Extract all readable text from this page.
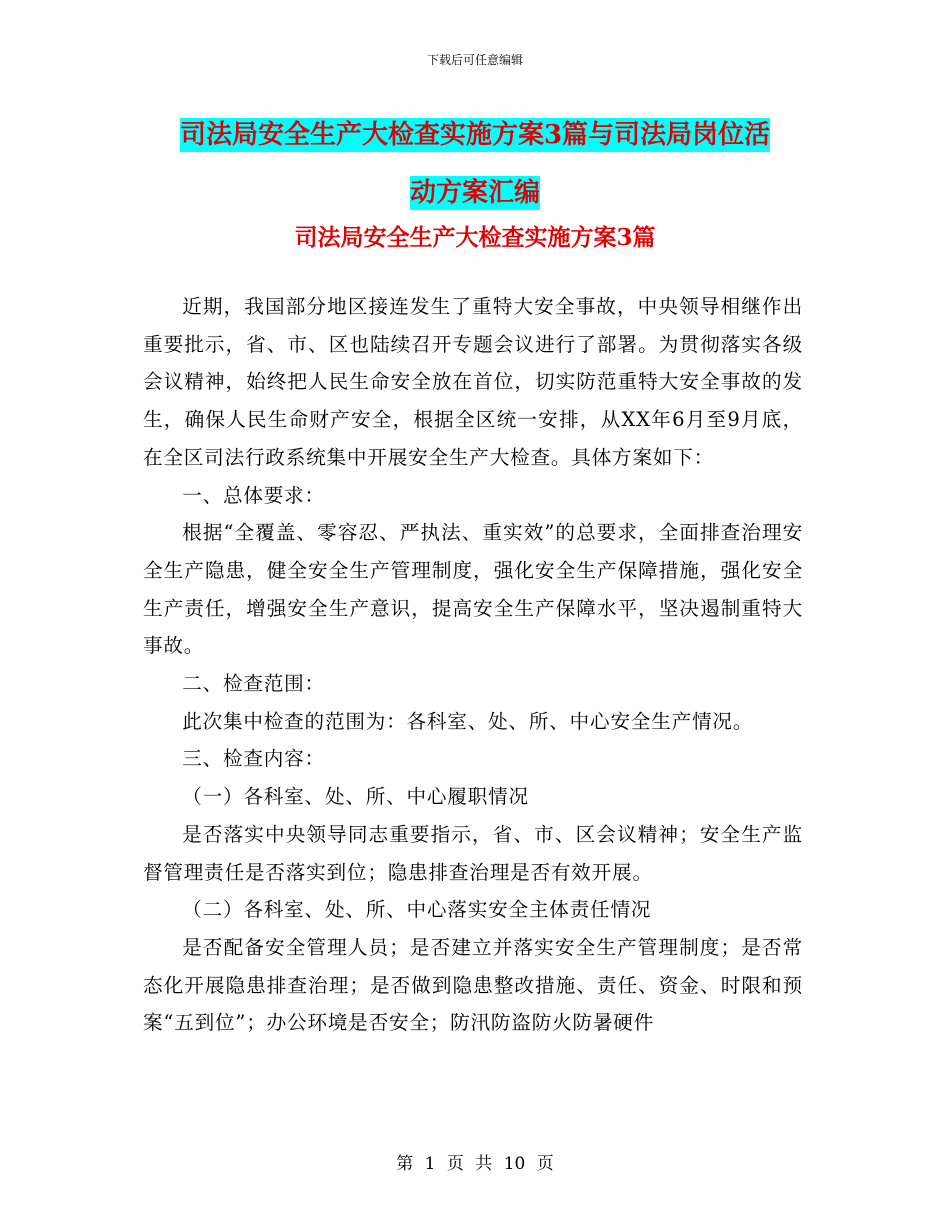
下载后可任意编辑
司法局安全生产大检查实施方案3篇与司法局岗位活
动方案汇编
司法局安全生产大检查实施方案3篇

近期，我国部分地区接连发生了重特大安全事故，中央领导相继作出重要批示，省、市、区也陆续召开专题会议进行了部署。为贯彻落实各级会议精神，始终把人民生命安全放在首位，切实防范重特大安全事故的发生，确保人民生命财产安全，根据全区统一安排，从XX年6月至9月底，在全区司法行政系统集中开展安全生产大检查。具体方案如下：

一、总体要求：

根据“全覆盖、零容忍、严执法、重实效”的总要求，全面排查治理安全生产隐患，健全安全生产管理制度，强化安全生产保障措施，强化安全生产责任，增强安全生产意识，提高安全生产保障水平，坚决遏制重特大事故。

二、检查范围：

此次集中检查的范围为：各科室、处、所、中心安全生产情况。

三、检查内容：

（一）各科室、处、所、中心履职情况

是否落实中央领导同志重要指示，省、市、区会议精神；安全生产监督管理责任是否落实到位；隐患排查治理是否有效开展。

（二）各科室、处、所、中心落实安全主体责任情况

是否配备安全管理人员；是否建立并落实安全生产管理制度；是否常态化开展隐患排查治理；是否做到隐患整改措施、责任、资金、时限和预案“五到位”；办公环境是否安全；防汛防盗防火防暑硬件

第 1 页 共 10 页
